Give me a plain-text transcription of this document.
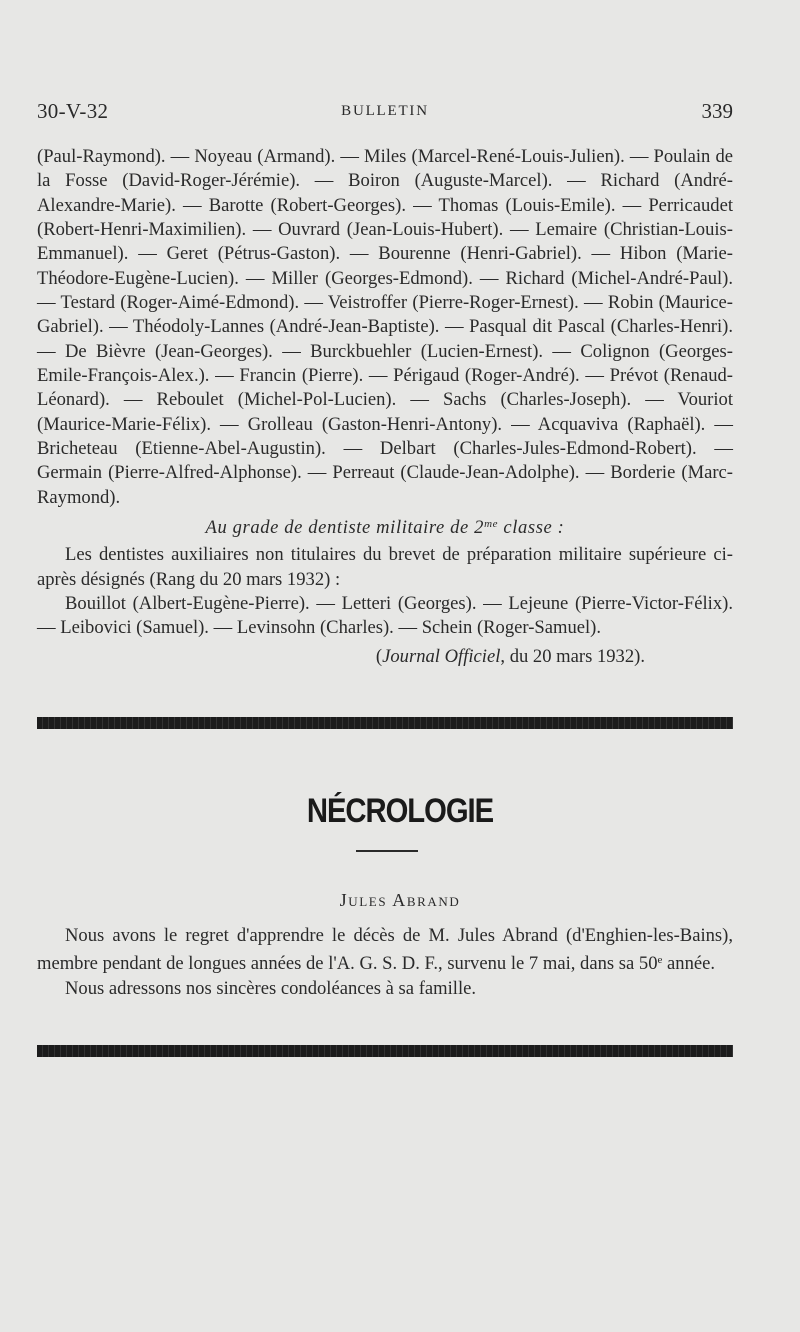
30-V-32	BULLETIN	339

(Paul-Raymond). — Noyeau (Armand). — Miles (Marcel-René-Louis-Julien). — Poulain de la Fosse (David-Roger-Jérémie). — Boiron (Auguste-Marcel). — Richard (André-Alexandre-Marie). — Barotte (Robert-Georges). — Thomas (Louis-Emile). — Perricaudet (Robert-Henri-Maximilien). — Ouvrard (Jean-Louis-Hubert). — Lemaire (Christian-Louis-Emmanuel). — Geret (Pétrus-Gaston). — Bourenne (Henri-Gabriel). — Hibon (Marie-Théodore-Eugène-Lucien). — Miller (Georges-Edmond). — Richard (Michel-André-Paul). — Testard (Roger-Aimé-Edmond). — Veistroffer (Pierre-Roger-Ernest). — Robin (Maurice-Gabriel). — Théodoly-Lannes (André-Jean-Baptiste). — Pasqual dit Pascal (Charles-Henri). — De Bièvre (Jean-Georges). — Burckbuehler (Lucien-Ernest). — Colignon (Georges-Emile-François-Alex.). — Francin (Pierre). — Périgaud (Roger-André). — Prévot (Renaud-Léonard). — Reboulet (Michel-Pol-Lucien). — Sachs (Charles-Joseph). — Vouriot (Maurice-Marie-Félix). — Grolleau (Gaston-Henri-Antony). — Acquaviva (Raphaël). — Bricheteau (Etienne-Abel-Augustin). — Delbart (Charles-Jules-Edmond-Robert). — Germain (Pierre-Alfred-Alphonse). — Perreaut (Claude-Jean-Adolphe). — Borderie (Marc-Raymond).

Au grade de dentiste militaire de $2^{me}$ classe :

Les dentistes auxiliaires non titulaires du brevet de préparation militaire supérieure ci-après désignés (Rang du 20 mars 1932) :

Bouillot (Albert-Eugène-Pierre). — Letteri (Georges). — Lejeune (Pierre-Victor-Félix). — Leibovici (Samuel). — Levinsohn (Charles). — Schein (Roger-Samuel).

(Journal Officiel, du 20 mars 1932).

NÉCROLOGIE
Jules Abrand

Nous avons le regret d'apprendre le décès de M. Jules Abrand (d'Enghien-les-Bains), membre pendant de longues années de l'A. G. S. D. F., survenu le 7 mai, dans sa 50e année.

Nous adressons nos sincères condoléances à sa famille.
